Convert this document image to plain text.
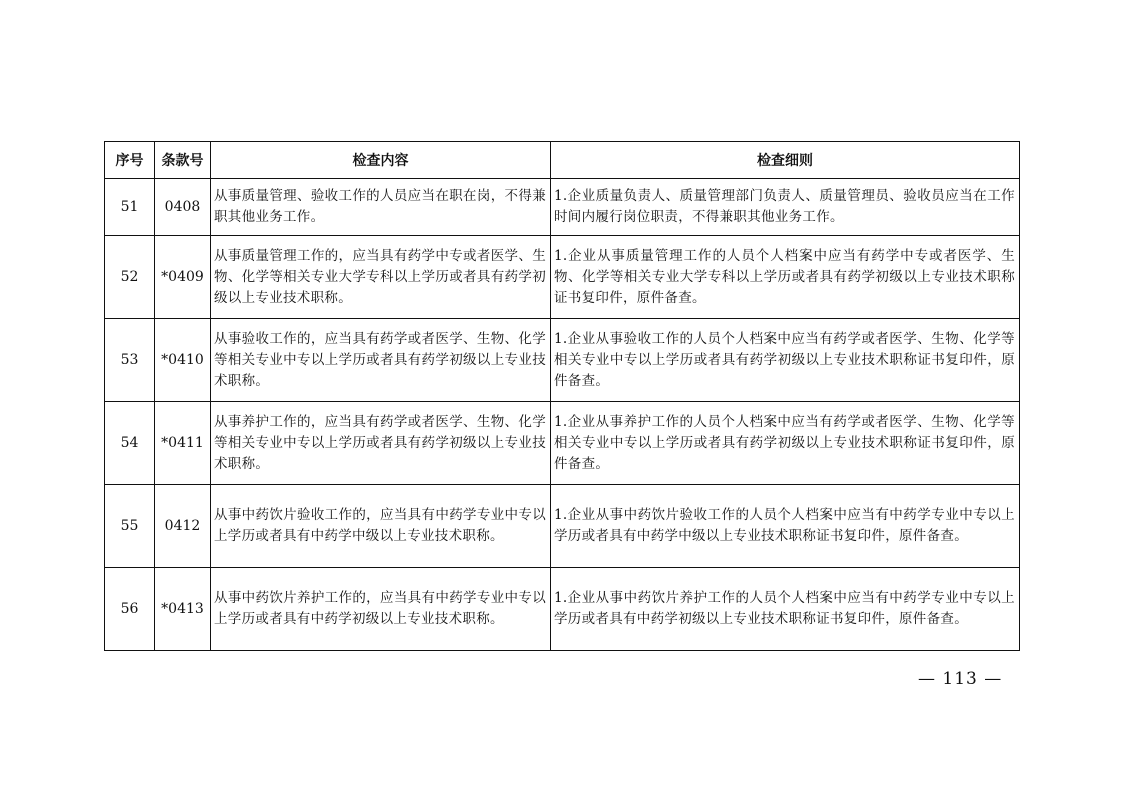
序号	条款号	检查内容	检查细则
51	0408	从事质量管理、验收工作的人员应当在职在岗，不得兼职其他业务工作。	1.企业质量负责人、质量管理部门负责人、质量管理员、验收员应当在工作时间内履行岗位职责，不得兼职其他业务工作。
52	*0409	从事质量管理工作的，应当具有药学中专或者医学、生物、化学等相关专业大学专科以上学历或者具有药学初级以上专业技术职称。	1.企业从事质量管理工作的人员个人档案中应当有药学中专或者医学、生物、化学等相关专业大学专科以上学历或者具有药学初级以上专业技术职称证书复印件，原件备查。
53	*0410	从事验收工作的，应当具有药学或者医学、生物、化学等相关专业中专以上学历或者具有药学初级以上专业技术职称。	1.企业从事验收工作的人员个人档案中应当有药学或者医学、生物、化学等相关专业中专以上学历或者具有药学初级以上专业技术职称证书复印件，原件备查。
54	*0411	从事养护工作的，应当具有药学或者医学、生物、化学等相关专业中专以上学历或者具有药学初级以上专业技术职称。	1.企业从事养护工作的人员个人档案中应当有药学或者医学、生物、化学等相关专业中专以上学历或者具有药学初级以上专业技术职称证书复印件，原件备查。
55	0412	从事中药饮片验收工作的，应当具有中药学专业中专以上学历或者具有中药学中级以上专业技术职称。	1.企业从事中药饮片验收工作的人员个人档案中应当有中药学专业中专以上学历或者具有中药学中级以上专业技术职称证书复印件，原件备查。
56	*0413	从事中药饮片养护工作的，应当具有中药学专业中专以上学历或者具有中药学初级以上专业技术职称。	1.企业从事中药饮片养护工作的人员个人档案中应当有中药学专业中专以上学历或者具有中药学初级以上专业技术职称证书复印件，原件备查。
— 113 —
